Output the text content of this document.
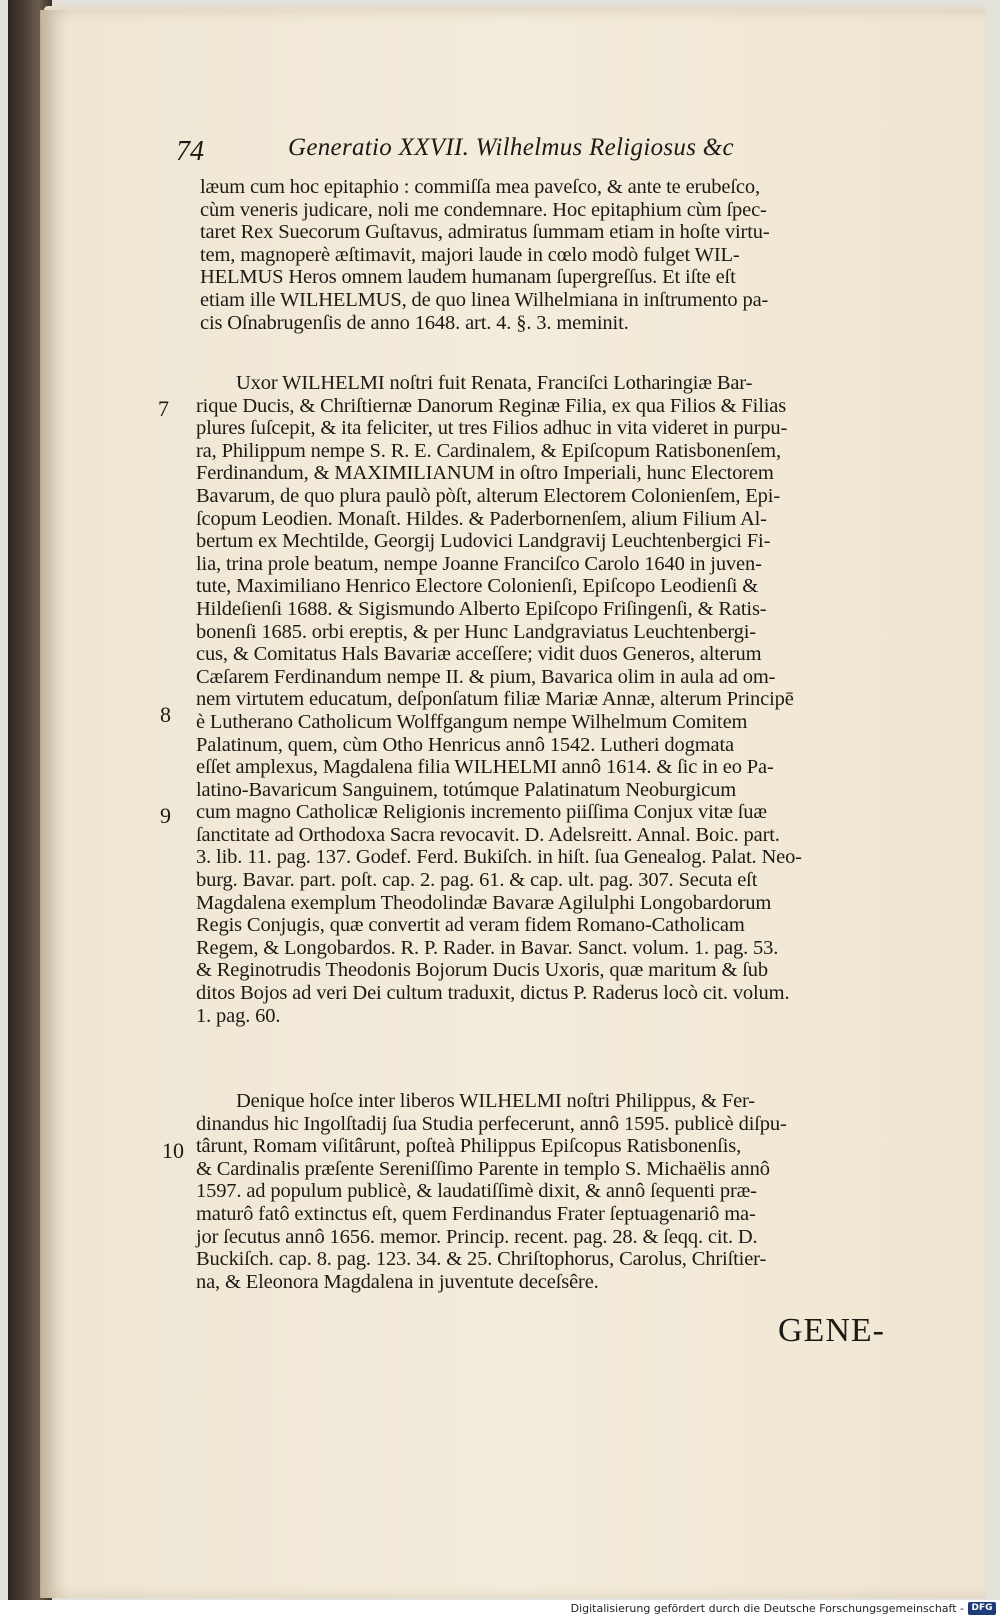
74	Generatio XXVII. Wilhelmus Religiosus &c
læum cum hoc epitaphio : commiſſa mea paveſco, & ante te erubeſco,
cùm veneris judicare, noli me condemnare. Hoc epitaphium cùm ſpec-
taret Rex Suecorum Guſtavus, admiratus ſummam etiam in hoſte virtu-
tem, magnoperè æſtimavit, majori laude in cœlo modò fulget WIL-
HELMUS Heros omnem laudem humanam ſupergreſſus. Et iſte eſt
etiam ille WILHELMUS, de quo linea Wilhelmiana in inſtrumento pa-
cis Oſnabrugenſis de anno 1648. art. 4. §. 3. meminit.
Uxor WILHELMI noſtri fuit Renata, Franciſci Lotharingiæ Bar-
rique Ducis, & Chriſtiernæ Danorum Reginæ Filia, ex qua Filios & Filias
plures ſuſcepit, & ita feliciter, ut tres Filios adhuc in vita videret in purpu-
ra, Philippum nempe S. R. E. Cardinalem, & Epiſcopum Ratisbonenſem,
Ferdinandum, & MAXIMILIANUM in oſtro Imperiali, hunc Electorem
Bavarum, de quo plura paulò pòſt, alterum Electorem Colonienſem, Epi-
ſcopum Leodien. Monaſt. Hildes. & Paderbornenſem, alium Filium Al-
bertum ex Mechtilde, Georgij Ludovici Landgravij Leuchtenbergici Fi-
lia, trina prole beatum, nempe Joanne Franciſco Carolo 1640 in juven-
tute, Maximiliano Henrico Electore Colonienſi, Epiſcopo Leodienſi &
Hildeſienſi 1688. & Sigismundo Alberto Epiſcopo Friſingenſi, & Ratis-
bonenſi 1685. orbi ereptis, & per Hunc Landgraviatus Leuchtenbergi-
cus, & Comitatus Hals Bavariæ acceſſere; vidit duos Generos, alterum
Cæſarem Ferdinandum nempe II. & pium, Bavarica olim in aula ad om-
nem virtutem educatum, deſponſatum filiæ Mariæ Annæ, alterum Principē
è Lutherano Catholicum Wolffgangum nempe Wilhelmum Comitem
Palatinum, quem, cùm Otho Henricus annô 1542. Lutheri dogmata
eſſet amplexus, Magdalena filia WILHELMI annô 1614. & ſic in eo Pa-
latino-Bavaricum Sanguinem, totúmque Palatinatum Neoburgicum
cum magno Catholicæ Religionis incremento piiſſima Conjux vitæ ſuæ
ſanctitate ad Orthodoxa Sacra revocavit. D. Adelsreitt. Annal. Boic. part.
3. lib. 11. pag. 137. Godef. Ferd. Bukiſch. in hiſt. ſua Genealog. Palat. Neo-
burg. Bavar. part. poſt. cap. 2. pag. 61. & cap. ult. pag. 307. Secuta eſt
Magdalena exemplum Theodolindæ Bavaræ Agilulphi Longobardorum
Regis Conjugis, quæ convertit ad veram fidem Romano-Catholicam
Regem, & Longobardos. R. P. Rader. in Bavar. Sanct. volum. 1. pag. 53.
& Reginotrudis Theodonis Bojorum Ducis Uxoris, quæ maritum & ſub
ditos Bojos ad veri Dei cultum traduxit, dictus P. Raderus locò cit. volum.
1. pag. 60.
Denique hoſce inter liberos WILHELMI noſtri Philippus, & Fer-
dinandus hic Ingolſtadij ſua Studia perfecerunt, annô 1595. publicè diſpu-
târunt, Romam viſitârunt, poſteà Philippus Epiſcopus Ratisbonenſis,
& Cardinalis præſente Sereniſſimo Parente in templo S. Michaëlis annô
1597. ad populum publicè, & laudatiſſimè dixit, & annô ſequenti præ-
maturô fatô extinctus eſt, quem Ferdinandus Frater ſeptuagenariô ma-
jor ſecutus annô 1656. memor. Princip. recent. pag. 28. & ſeqq. cit. D.
Buckiſch. cap. 8. pag. 123. 34. & 25. Chriſtophorus, Carolus, Chriſtier-
na, & Eleonora Magdalena in juventute deceſsêre.
7
8
9
10
GENE-
Digitalisierung gefördert durch die Deutsche Forschungsgemeinschaft - DFG
